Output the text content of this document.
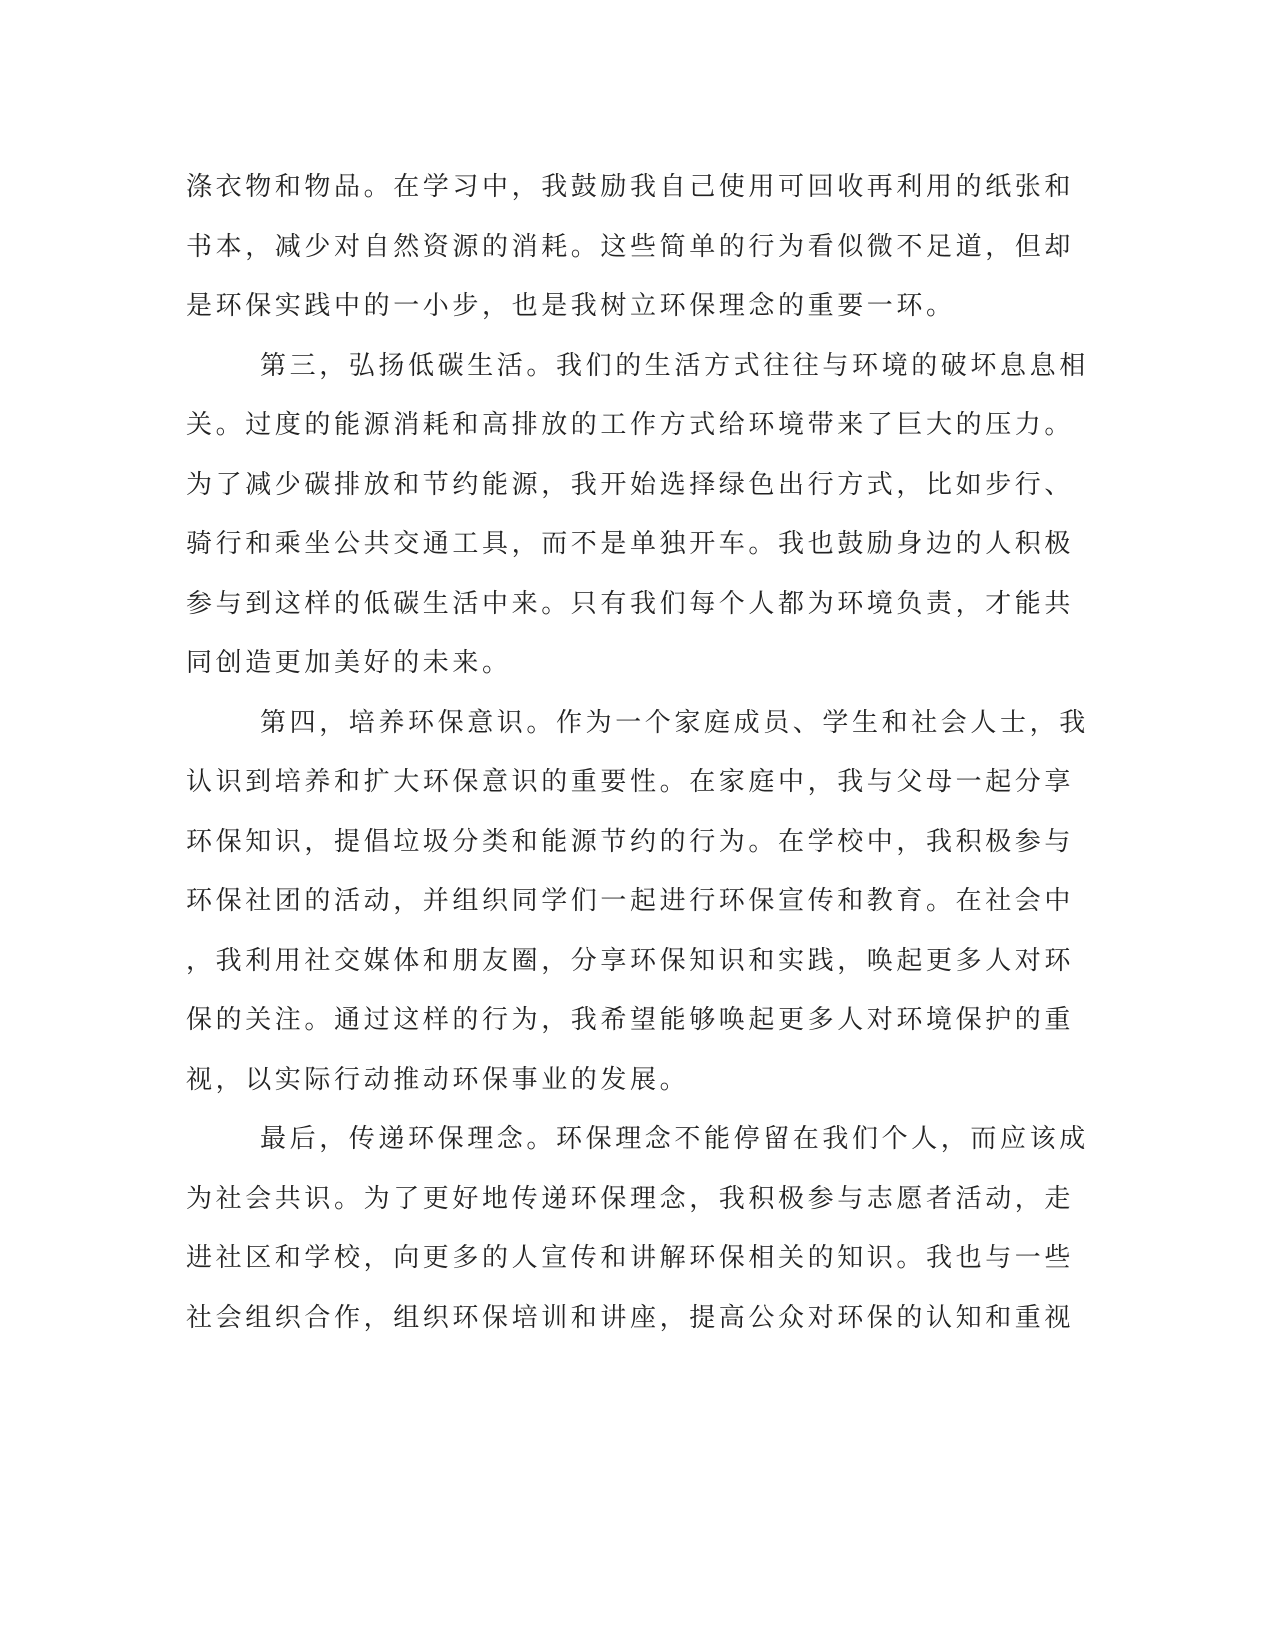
涤衣物和物品。在学习中，我鼓励我自己使用可回收再利用的纸张和

书本，减少对自然资源的消耗。这些简单的行为看似微不足道，但却

是环保实践中的一小步，也是我树立环保理念的重要一环。

第三，弘扬低碳生活。我们的生活方式往往与环境的破坏息息相

关。过度的能源消耗和高排放的工作方式给环境带来了巨大的压力。

为了减少碳排放和节约能源，我开始选择绿色出行方式，比如步行、

骑行和乘坐公共交通工具，而不是单独开车。我也鼓励身边的人积极

参与到这样的低碳生活中来。只有我们每个人都为环境负责，才能共

同创造更加美好的未来。

第四，培养环保意识。作为一个家庭成员、学生和社会人士，我

认识到培养和扩大环保意识的重要性。在家庭中，我与父母一起分享

环保知识，提倡垃圾分类和能源节约的行为。在学校中，我积极参与

环保社团的活动，并组织同学们一起进行环保宣传和教育。在社会中

，我利用社交媒体和朋友圈，分享环保知识和实践，唤起更多人对环

保的关注。通过这样的行为，我希望能够唤起更多人对环境保护的重

视，以实际行动推动环保事业的发展。

最后，传递环保理念。环保理念不能停留在我们个人，而应该成

为社会共识。为了更好地传递环保理念，我积极参与志愿者活动，走

进社区和学校，向更多的人宣传和讲解环保相关的知识。我也与一些

社会组织合作，组织环保培训和讲座，提高公众对环保的认知和重视
